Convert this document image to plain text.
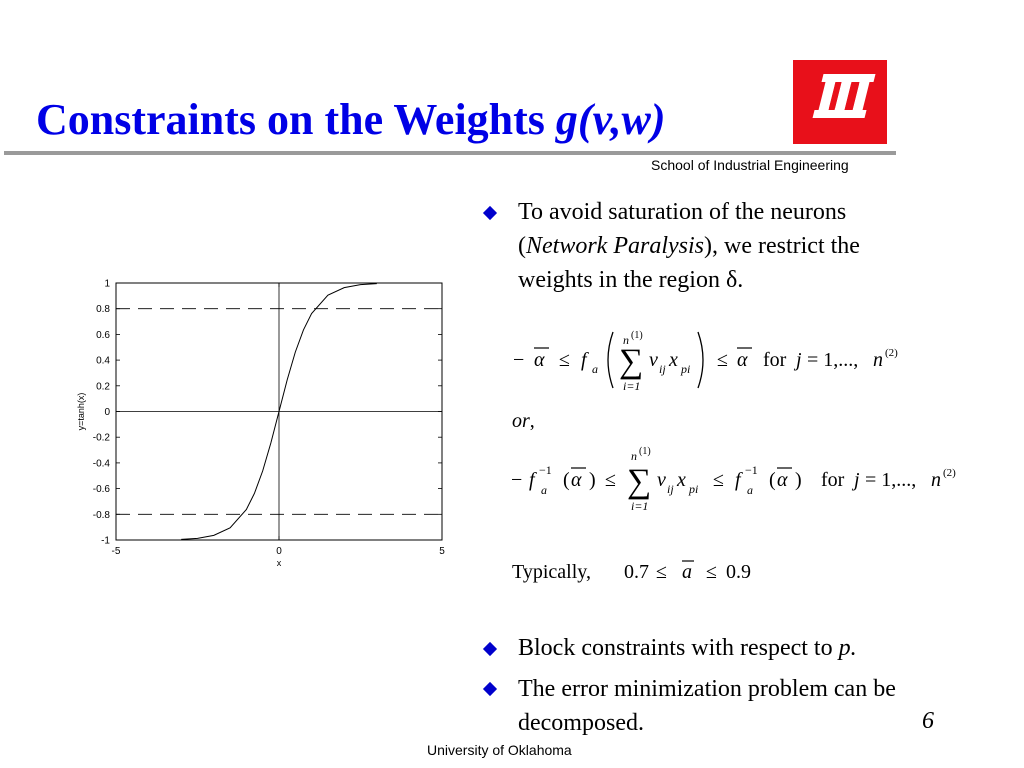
Constraints on the Weights g(v,w)
School of Industrial Engineering
1
0.8
0.6
0.4
0.2
0
-0.2
-0.4
-0.6
-0.8
-1
-5	0	5
x
y=tanh(x)
To avoid saturation of the neurons
(Network Paralysis), we restrict the
weights in the region δ.
− α ≤ f a
n (1)
∑
i=1
v ij x pi ≤ α for j = 1,..., n (2)
or,
− f −1
a ( α ) ≤
n (1)
∑
i=1
v ij x pi ≤ f −1
a ( α ) for j = 1,..., n (2)
Typically, 0.7 ≤ a ≤ 0.9
Block constraints with respect to p.
The error minimization problem can be
decomposed.	6
University of Oklahoma
